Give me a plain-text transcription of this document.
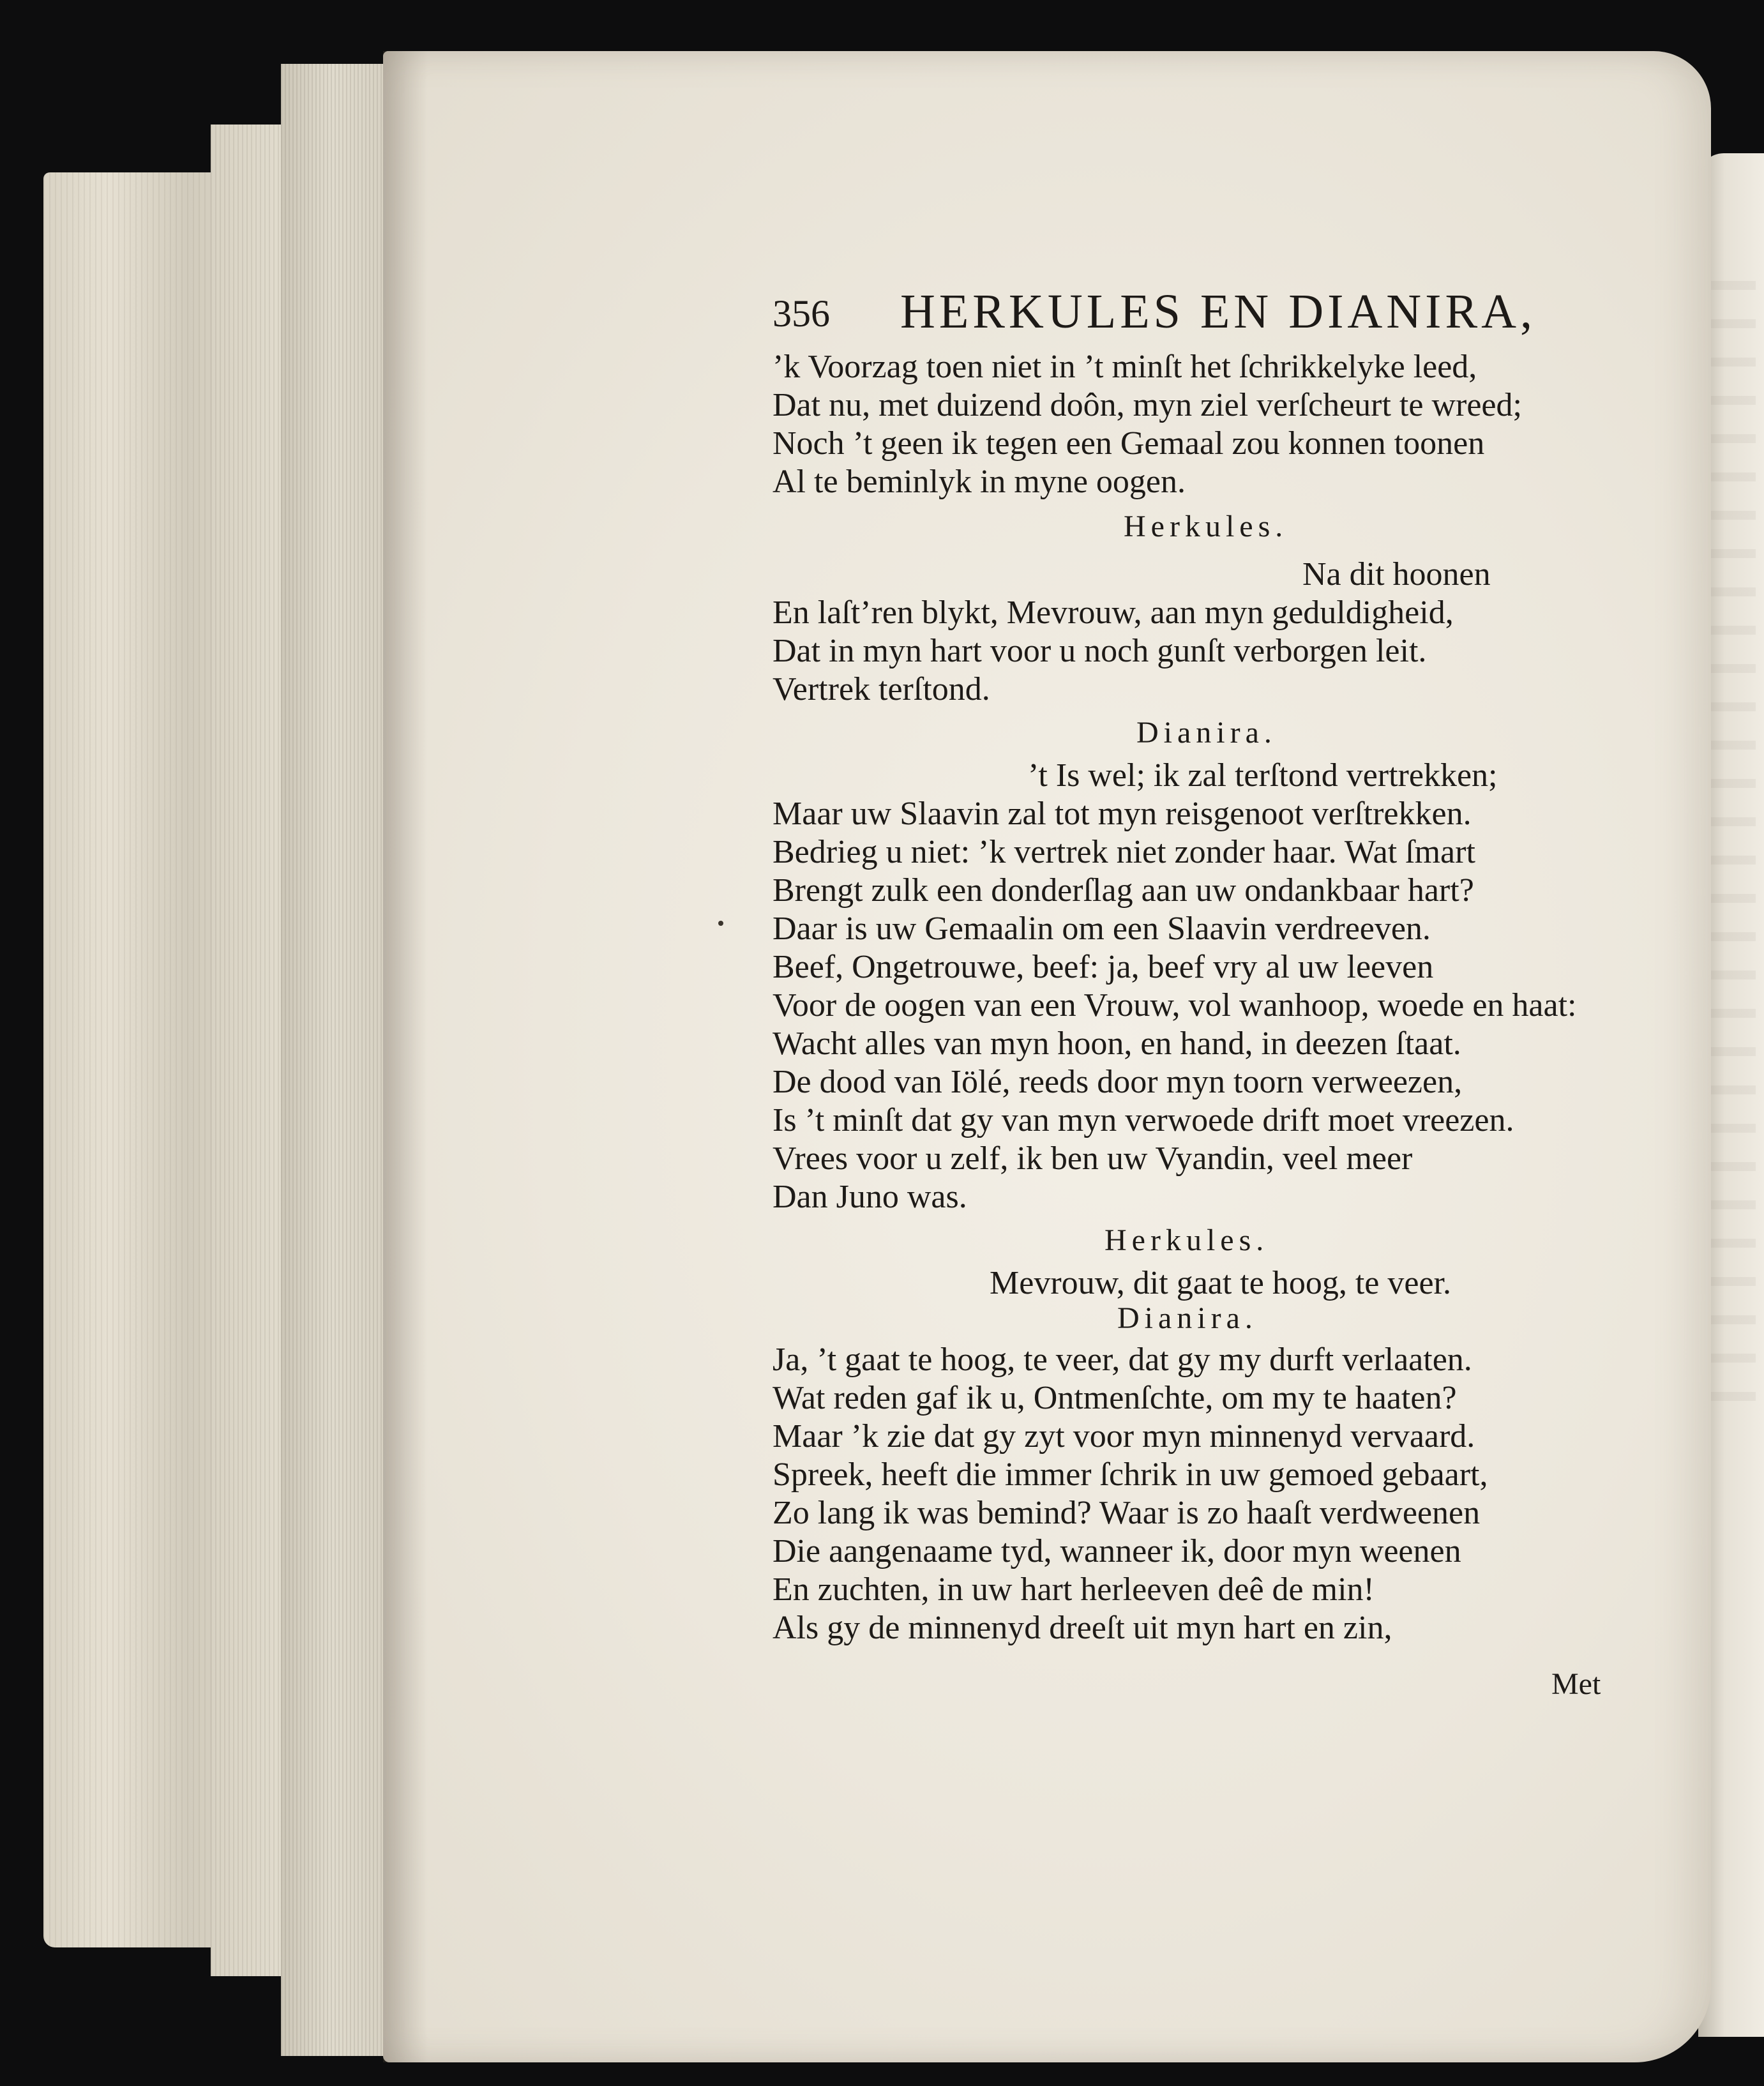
356 HERKULES EN DIANIRA,
’k Voorzag toen niet in ’t minſt het ſchrikkelyke leed,
Dat nu, met duizend doôn, myn ziel verſcheurt te wreed;
Noch ’t geen ik tegen een Gemaal zou konnen toonen
Al te beminlyk in myne oogen.
Herkules.
Na dit hoonen
En laſt’ren blykt, Mevrouw, aan myn geduldigheid,
Dat in myn hart voor u noch gunſt verborgen leit.
Vertrek terſtond.
Dianira.
’t Is wel; ik zal terſtond vertrekken;
Maar uw Slaavin zal tot myn reisgenoot verſtrekken.
Bedrieg u niet: ’k vertrek niet zonder haar. Wat ſmart
Brengt zulk een donderſlag aan uw ondankbaar hart?
Daar is uw Gemaalin om een Slaavin verdreeven.
Beef, Ongetrouwe, beef: ja, beef vry al uw leeven
Voor de oogen van een Vrouw, vol wanhoop, woede en haat:
Wacht alles van myn hoon, en hand, in deezen ſtaat.
De dood van Iölé, reeds door myn toorn verweezen,
Is ’t minſt dat gy van myn verwoede drift moet vreezen.
Vrees voor u zelf, ik ben uw Vyandin, veel meer
Dan Juno was.
Herkules.
Mevrouw, dit gaat te hoog, te veer.
Dianira.
Ja, ’t gaat te hoog, te veer, dat gy my durft verlaaten.
Wat reden gaf ik u, Ontmenſchte, om my te haaten?
Maar ’k zie dat gy zyt voor myn minnenyd vervaard.
Spreek, heeft die immer ſchrik in uw gemoed gebaart,
Zo lang ik was bemind? Waar is zo haaſt verdweenen
Die aangenaame tyd, wanneer ik, door myn weenen
En zuchten, in uw hart herleeven deê de min!
Als gy de minnenyd dreeſt uit myn hart en zin,
Met
